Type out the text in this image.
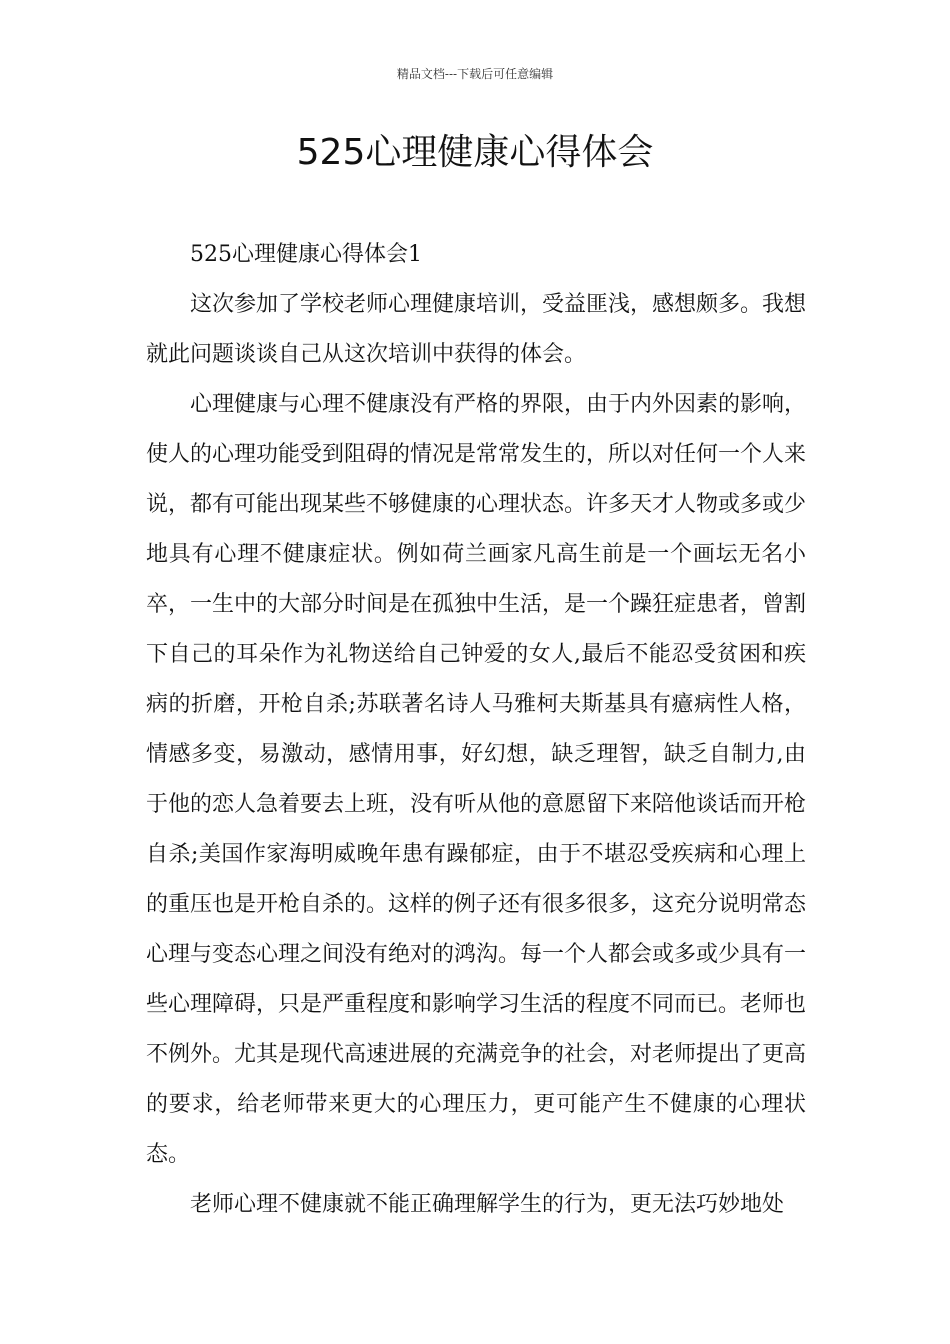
精品文档---下载后可任意编辑
525心理健康心得体会

525心理健康心得体会1

这次参加了学校老师心理健康培训，受益匪浅，感想颇多。我想就此问题谈谈自己从这次培训中获得的体会。

心理健康与心理不健康没有严格的界限，由于内外因素的影响，使人的心理功能受到阻碍的情况是常常发生的，所以对任何一个人来说，都有可能出现某些不够健康的心理状态。许多天才人物或多或少地具有心理不健康症状。例如荷兰画家凡高生前是一个画坛无名小卒，一生中的大部分时间是在孤独中生活，是一个躁狂症患者，曾割下自己的耳朵作为礼物送给自己钟爱的女人,最后不能忍受贫困和疾病的折磨，开枪自杀;苏联著名诗人马雅柯夫斯基具有癔病性人格，情感多变，易激动，感情用事，好幻想，缺乏理智，缺乏自制力,由于他的恋人急着要去上班，没有听从他的意愿留下来陪他谈话而开枪自杀;美国作家海明威晚年患有躁郁症，由于不堪忍受疾病和心理上的重压也是开枪自杀的。这样的例子还有很多很多，这充分说明常态心理与变态心理之间没有绝对的鸿沟。每一个人都会或多或少具有一些心理障碍，只是严重程度和影响学习生活的程度不同而已。老师也不例外。尤其是现代高速进展的充满竞争的社会，对老师提出了更高的要求，给老师带来更大的心理压力，更可能产生不健康的心理状态。

老师心理不健康就不能正确理解学生的行为，更无法巧妙地处
